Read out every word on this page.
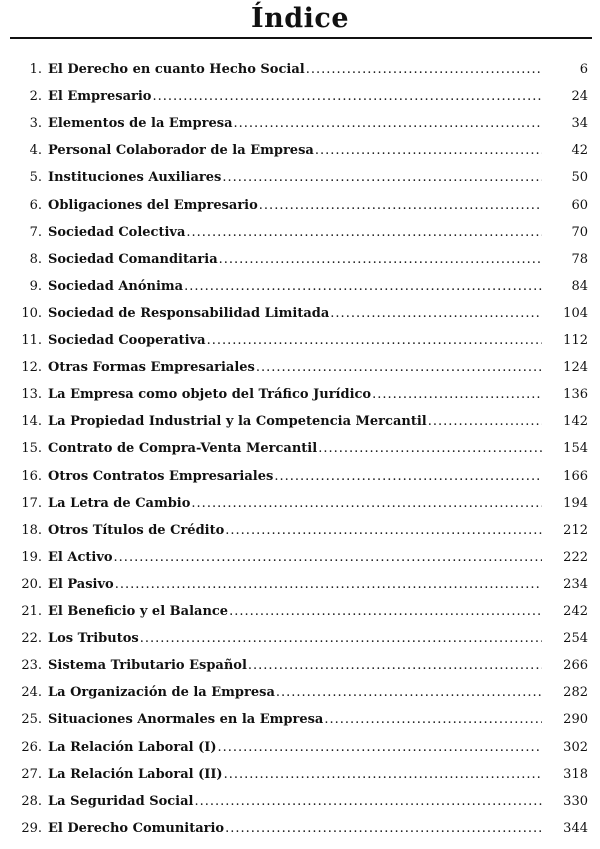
Índice
1. El Derecho en cuanto Hecho Social .....	6
2. El Empresario .....	24
3. Elementos de la Empresa .....	34
4. Personal Colaborador de la Empresa .....	42
5. Instituciones Auxiliares .....	50
6. Obligaciones del Empresario .....	60
7. Sociedad Colectiva .....	70
8. Sociedad Comanditaria .....	78
9. Sociedad Anónima .....	84
10. Sociedad de Responsabilidad Limitada .....	104
11. Sociedad Cooperativa .....	112
12. Otras Formas Empresariales .....	124
13. La Empresa como objeto del Tráfico Jurídico .....	136
14. La Propiedad Industrial y la Competencia Mercantil .....	142
15. Contrato de Compra-Venta Mercantil .....	154
16. Otros Contratos Empresariales .....	166
17. La Letra de Cambio .....	194
18. Otros Títulos de Crédito .....	212
19. El Activo .....	222
20. El Pasivo .....	234
21. El Beneficio y el Balance .....	242
22. Los Tributos .....	254
23. Sistema Tributario Español .....	266
24. La Organización de la Empresa .....	282
25. Situaciones Anormales en la Empresa .....	290
26. La Relación Laboral (I) .....	302
27. La Relación Laboral (II) .....	318
28. La Seguridad Social .....	330
29. El Derecho Comunitario .....	344
